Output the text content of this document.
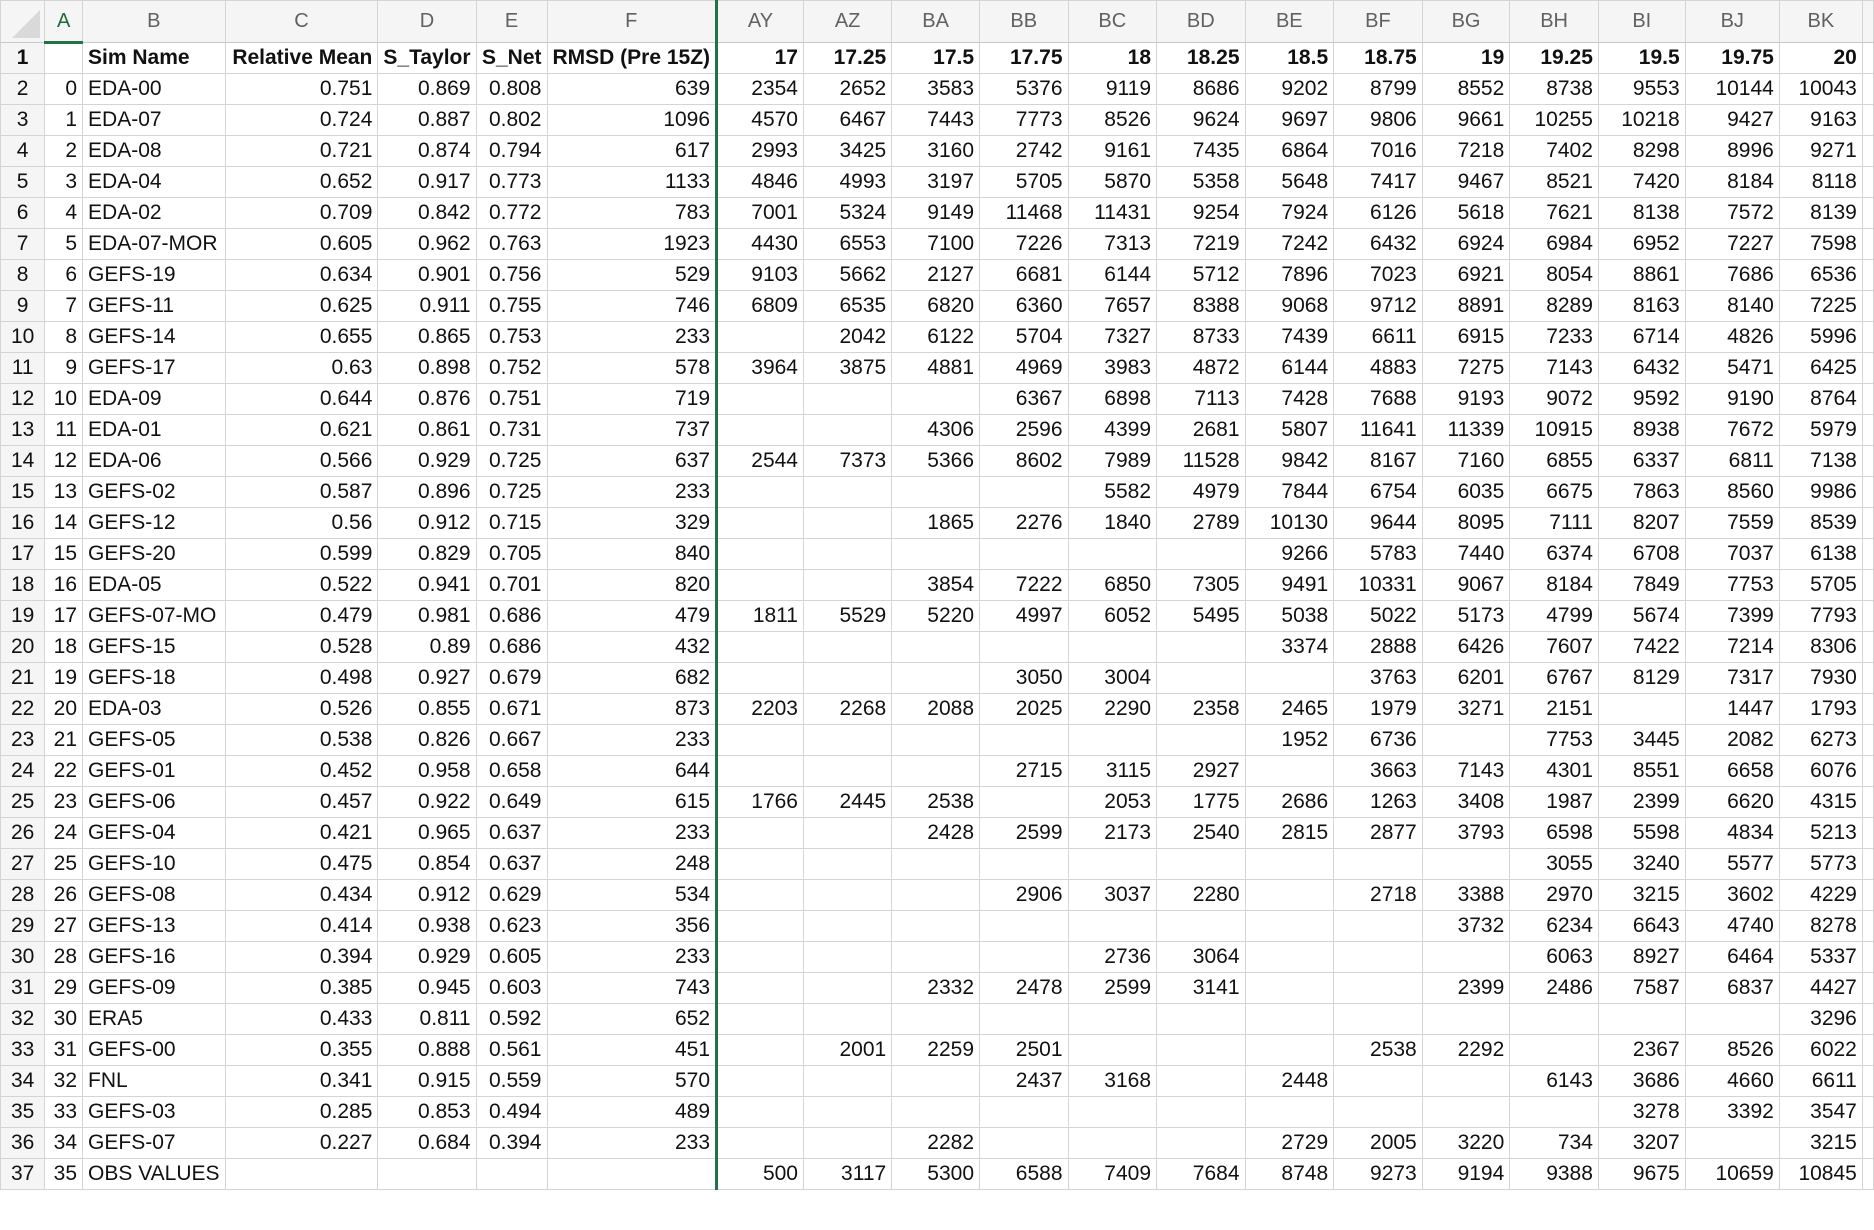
	A	B	C	D	E	F	AY	AZ	BA	BB	BC	BD	BE	BF	BG	BH	BI	BJ	BK	
1		Sim Name	Relative Mean	S_Taylor	S_Net	RMSD (Pre 15Z)	17	17.25	17.5	17.75	18	18.25	18.5	18.75	19	19.25	19.5	19.75	20	
2	0	EDA-00	0.751	0.869	0.808	639	2354	2652	3583	5376	9119	8686	9202	8799	8552	8738	9553	10144	10043	
3	1	EDA-07	0.724	0.887	0.802	1096	4570	6467	7443	7773	8526	9624	9697	9806	9661	10255	10218	9427	9163	
4	2	EDA-08	0.721	0.874	0.794	617	2993	3425	3160	2742	9161	7435	6864	7016	7218	7402	8298	8996	9271	
5	3	EDA-04	0.652	0.917	0.773	1133	4846	4993	3197	5705	5870	5358	5648	7417	9467	8521	7420	8184	8118	
6	4	EDA-02	0.709	0.842	0.772	783	7001	5324	9149	11468	11431	9254	7924	6126	5618	7621	8138	7572	8139	
7	5	EDA-07-MOR	0.605	0.962	0.763	1923	4430	6553	7100	7226	7313	7219	7242	6432	6924	6984	6952	7227	7598	
8	6	GEFS-19	0.634	0.901	0.756	529	9103	5662	2127	6681	6144	5712	7896	7023	6921	8054	8861	7686	6536	
9	7	GEFS-11	0.625	0.911	0.755	746	6809	6535	6820	6360	7657	8388	9068	9712	8891	8289	8163	8140	7225	
10	8	GEFS-14	0.655	0.865	0.753	233		2042	6122	5704	7327	8733	7439	6611	6915	7233	6714	4826	5996	
11	9	GEFS-17	0.63	0.898	0.752	578	3964	3875	4881	4969	3983	4872	6144	4883	7275	7143	6432	5471	6425	
12	10	EDA-09	0.644	0.876	0.751	719				6367	6898	7113	7428	7688	9193	9072	9592	9190	8764	
13	11	EDA-01	0.621	0.861	0.731	737			4306	2596	4399	2681	5807	11641	11339	10915	8938	7672	5979	
14	12	EDA-06	0.566	0.929	0.725	637	2544	7373	5366	8602	7989	11528	9842	8167	7160	6855	6337	6811	7138	
15	13	GEFS-02	0.587	0.896	0.725	233					5582	4979	7844	6754	6035	6675	7863	8560	9986	
16	14	GEFS-12	0.56	0.912	0.715	329			1865	2276	1840	2789	10130	9644	8095	7111	8207	7559	8539	
17	15	GEFS-20	0.599	0.829	0.705	840							9266	5783	7440	6374	6708	7037	6138	
18	16	EDA-05	0.522	0.941	0.701	820			3854	7222	6850	7305	9491	10331	9067	8184	7849	7753	5705	
19	17	GEFS-07-MO	0.479	0.981	0.686	479	1811	5529	5220	4997	6052	5495	5038	5022	5173	4799	5674	7399	7793	
20	18	GEFS-15	0.528	0.89	0.686	432							3374	2888	6426	7607	7422	7214	8306	
21	19	GEFS-18	0.498	0.927	0.679	682				3050	3004			3763	6201	6767	8129	7317	7930	
22	20	EDA-03	0.526	0.855	0.671	873	2203	2268	2088	2025	2290	2358	2465	1979	3271	2151		1447	1793	
23	21	GEFS-05	0.538	0.826	0.667	233							1952	6736		7753	3445	2082	6273	
24	22	GEFS-01	0.452	0.958	0.658	644				2715	3115	2927		3663	7143	4301	8551	6658	6076	
25	23	GEFS-06	0.457	0.922	0.649	615	1766	2445	2538		2053	1775	2686	1263	3408	1987	2399	6620	4315	
26	24	GEFS-04	0.421	0.965	0.637	233			2428	2599	2173	2540	2815	2877	3793	6598	5598	4834	5213	
27	25	GEFS-10	0.475	0.854	0.637	248										3055	3240	5577	5773	
28	26	GEFS-08	0.434	0.912	0.629	534				2906	3037	2280		2718	3388	2970	3215	3602	4229	
29	27	GEFS-13	0.414	0.938	0.623	356									3732	6234	6643	4740	8278	
30	28	GEFS-16	0.394	0.929	0.605	233					2736	3064				6063	8927	6464	5337	
31	29	GEFS-09	0.385	0.945	0.603	743			2332	2478	2599	3141			2399	2486	7587	6837	4427	
32	30	ERA5	0.433	0.811	0.592	652													3296	
33	31	GEFS-00	0.355	0.888	0.561	451		2001	2259	2501				2538	2292		2367	8526	6022	
34	32	FNL	0.341	0.915	0.559	570				2437	3168		2448			6143	3686	4660	6611	
35	33	GEFS-03	0.285	0.853	0.494	489											3278	3392	3547	
36	34	GEFS-07	0.227	0.684	0.394	233			2282				2729	2005	3220	734	3207		3215	
37	35	OBS VALUES					500	3117	5300	6588	7409	7684	8748	9273	9194	9388	9675	10659	10845	
